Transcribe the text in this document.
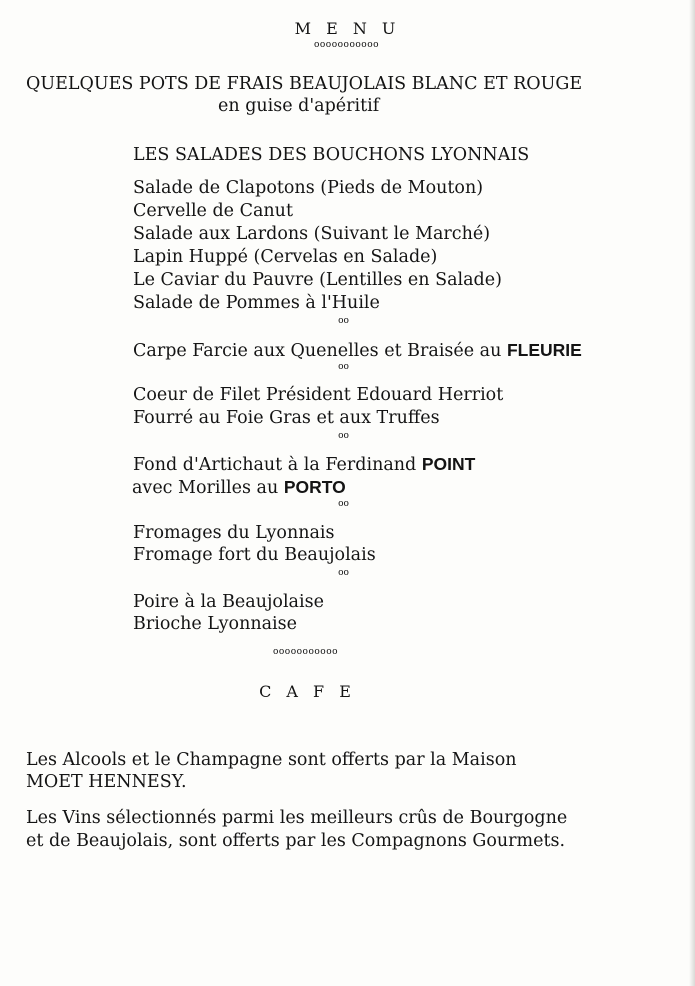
M E N U
ooooooooooo
QUELQUES POTS DE FRAIS BEAUJOLAIS BLANC ET ROUGE
en guise d'apéritif
LES SALADES DES BOUCHONS LYONNAIS
Salade de Clapotons (Pieds de Mouton)
Cervelle de Canut
Salade aux Lardons (Suivant le Marché)
Lapin Huppé (Cervelas en Salade)
Le Caviar du Pauvre (Lentilles en Salade)
Salade de Pommes à l'Huile
oo
Carpe Farcie aux Quenelles et Braisée au FLEURIE
oo
Coeur de Filet Président Edouard Herriot
Fourré au Foie Gras et aux Truffes
oo
Fond d'Artichaut à la Ferdinand POINT
avec Morilles au PORTO
oo
Fromages du Lyonnais
Fromage fort du Beaujolais
oo
Poire à la Beaujolaise
Brioche Lyonnaise
ooooooooooo
C A F E
Les Alcools et le Champagne sont offerts par la Maison
MOET HENNESY.
Les Vins sélectionnés parmi les meilleurs crûs de Bourgogne
et de Beaujolais, sont offerts par les Compagnons Gourmets.
